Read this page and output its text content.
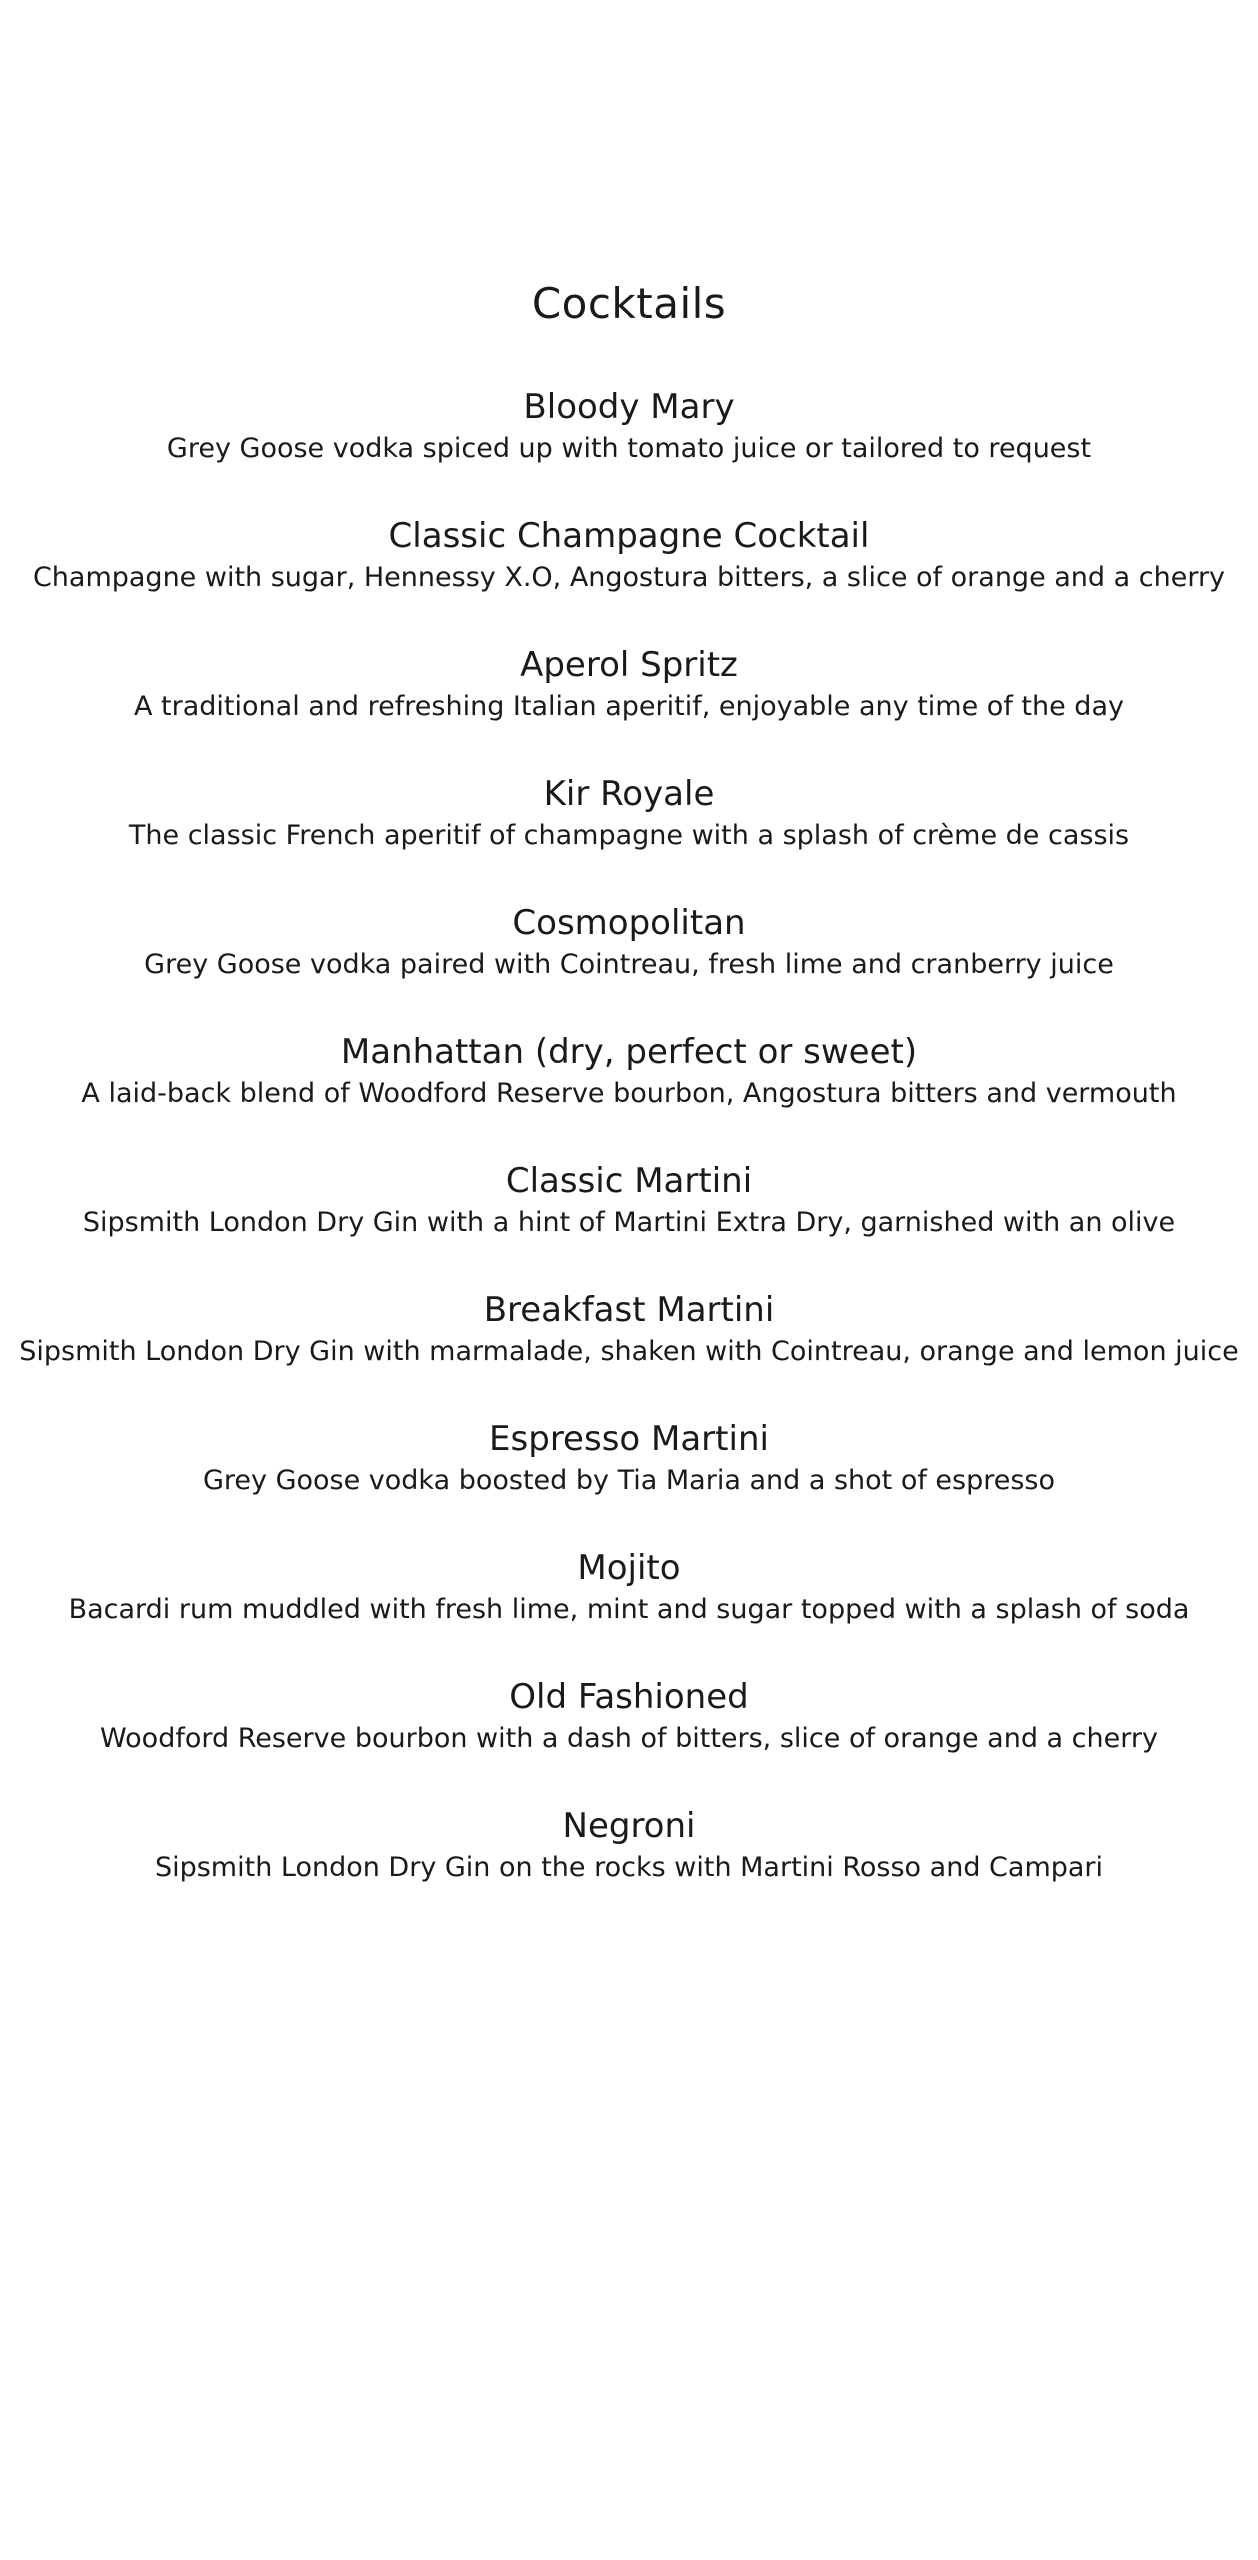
Cocktails
Bloody Mary
Grey Goose vodka spiced up with tomato juice or tailored to request
Classic Champagne Cocktail
Champagne with sugar, Hennessy X.O, Angostura bitters, a slice of orange and a cherry
Aperol Spritz
A traditional and refreshing Italian aperitif, enjoyable any time of the day
Kir Royale
The classic French aperitif of champagne with a splash of crème de cassis
Cosmopolitan
Grey Goose vodka paired with Cointreau, fresh lime and cranberry juice
Manhattan (dry, perfect or sweet)
A laid-back blend of Woodford Reserve bourbon, Angostura bitters and vermouth
Classic Martini
Sipsmith London Dry Gin with a hint of Martini Extra Dry, garnished with an olive
Breakfast Martini
Sipsmith London Dry Gin with marmalade, shaken with Cointreau, orange and lemon juice
Espresso Martini
Grey Goose vodka boosted by Tia Maria and a shot of espresso
Mojito
Bacardi rum muddled with fresh lime, mint and sugar topped with a splash of soda
Old Fashioned
Woodford Reserve bourbon with a dash of bitters, slice of orange and a cherry
Negroni
Sipsmith London Dry Gin on the rocks with Martini Rosso and Campari
